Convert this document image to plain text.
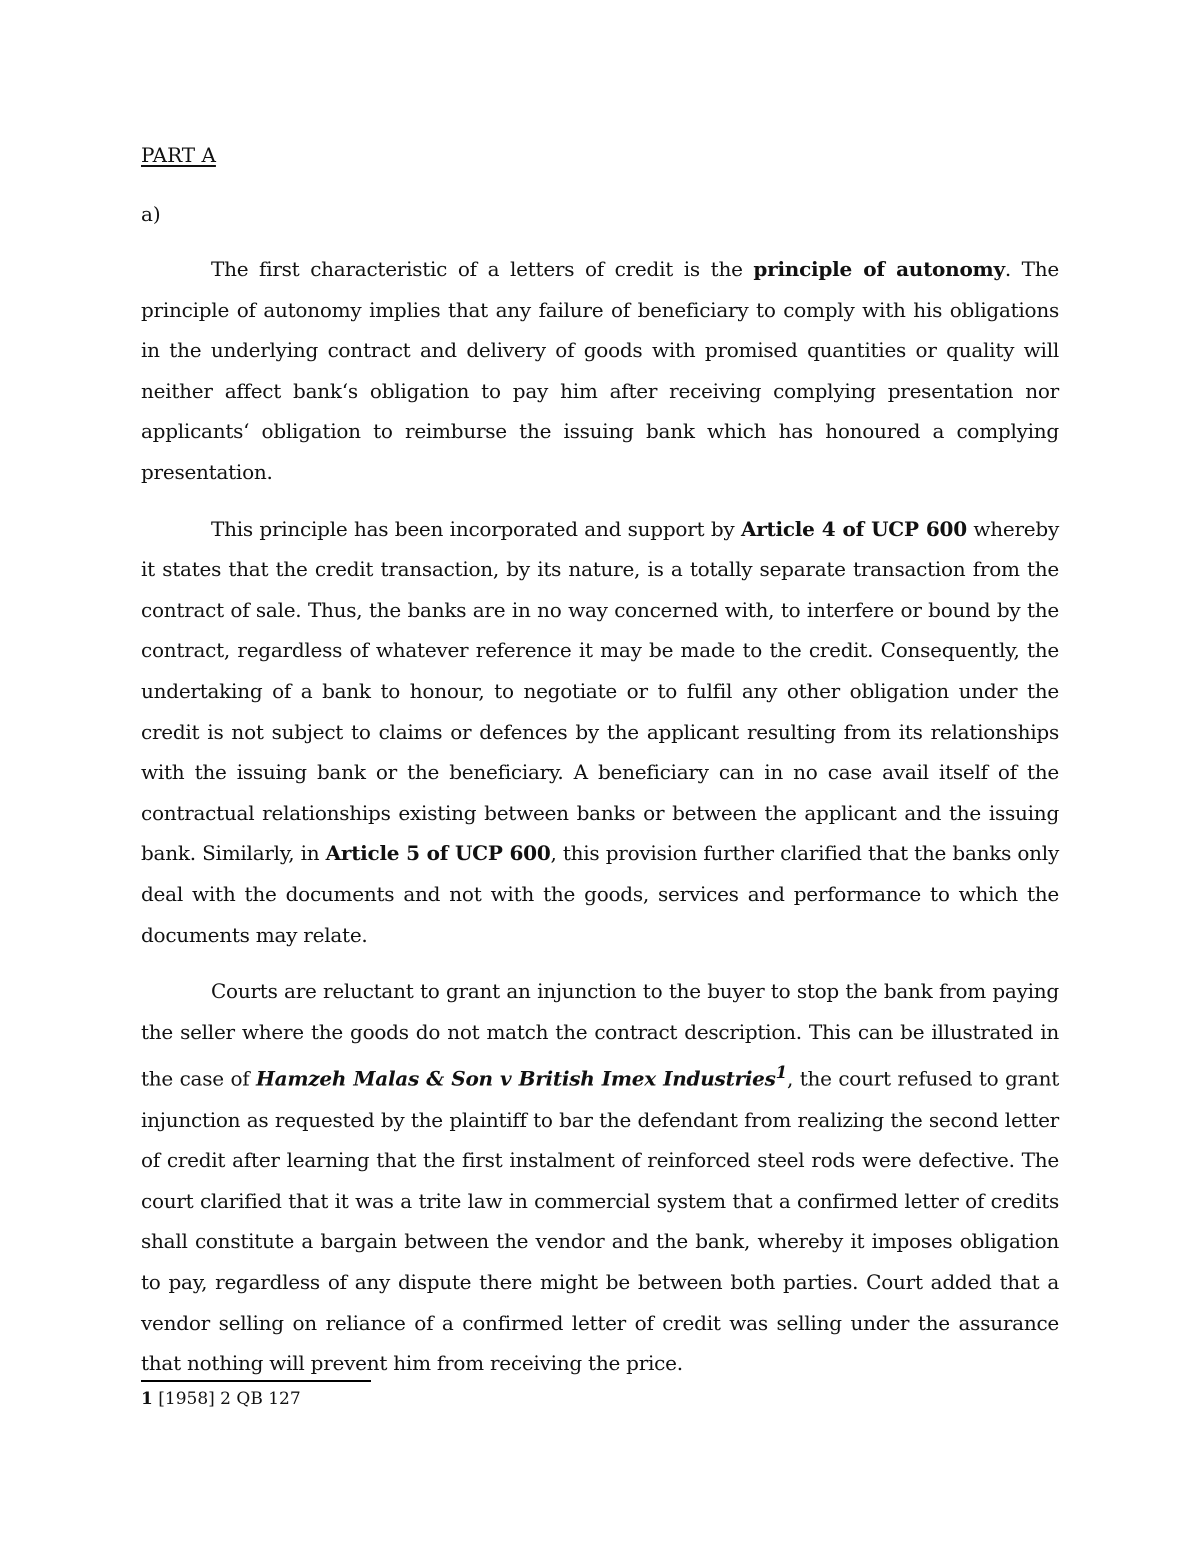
PART A

a)

The first characteristic of a letters of credit is the principle of autonomy. The principle of autonomy implies that any failure of beneficiary to comply with his obligations in the underlying contract and delivery of goods with promised quantities or quality will neither affect bank‘s obligation to pay him after receiving complying presentation nor applicants‘ obligation to reimburse the issuing bank which has honoured a complying presentation.

This principle has been incorporated and support by Article 4 of UCP 600 whereby it states that the credit transaction, by its nature, is a totally separate transaction from the contract of sale. Thus, the banks are in no way concerned with, to interfere or bound by the contract, regardless of whatever reference it may be made to the credit. Consequently, the undertaking of a bank to honour, to negotiate or to fulfil any other obligation under the credit is not subject to claims or defences by the applicant resulting from its relationships with the issuing bank or the beneficiary. A beneficiary can in no case avail itself of the contractual relationships existing between banks or between the applicant and the issuing bank. Similarly, in Article 5 of UCP 600, this provision further clarified that the banks only deal with the documents and not with the goods, services and performance to which the documents may relate.

Courts are reluctant to grant an injunction to the buyer to stop the bank from paying the seller where the goods do not match the contract description. This can be illustrated in the case of Hamzeh Malas & Son v British Imex Industries$^1$, the court refused to grant injunction as requested by the plaintiff to bar the defendant from realizing the second letter of credit after learning that the first instalment of reinforced steel rods were defective. The court clarified that it was a trite law in commercial system that a confirmed letter of credits shall constitute a bargain between the vendor and the bank, whereby it imposes obligation to pay, regardless of any dispute there might be between both parties. Court added that a vendor selling on reliance of a confirmed letter of credit was selling under the assurance that nothing will prevent him from receiving the price.

1 [1958] 2 QB 127
